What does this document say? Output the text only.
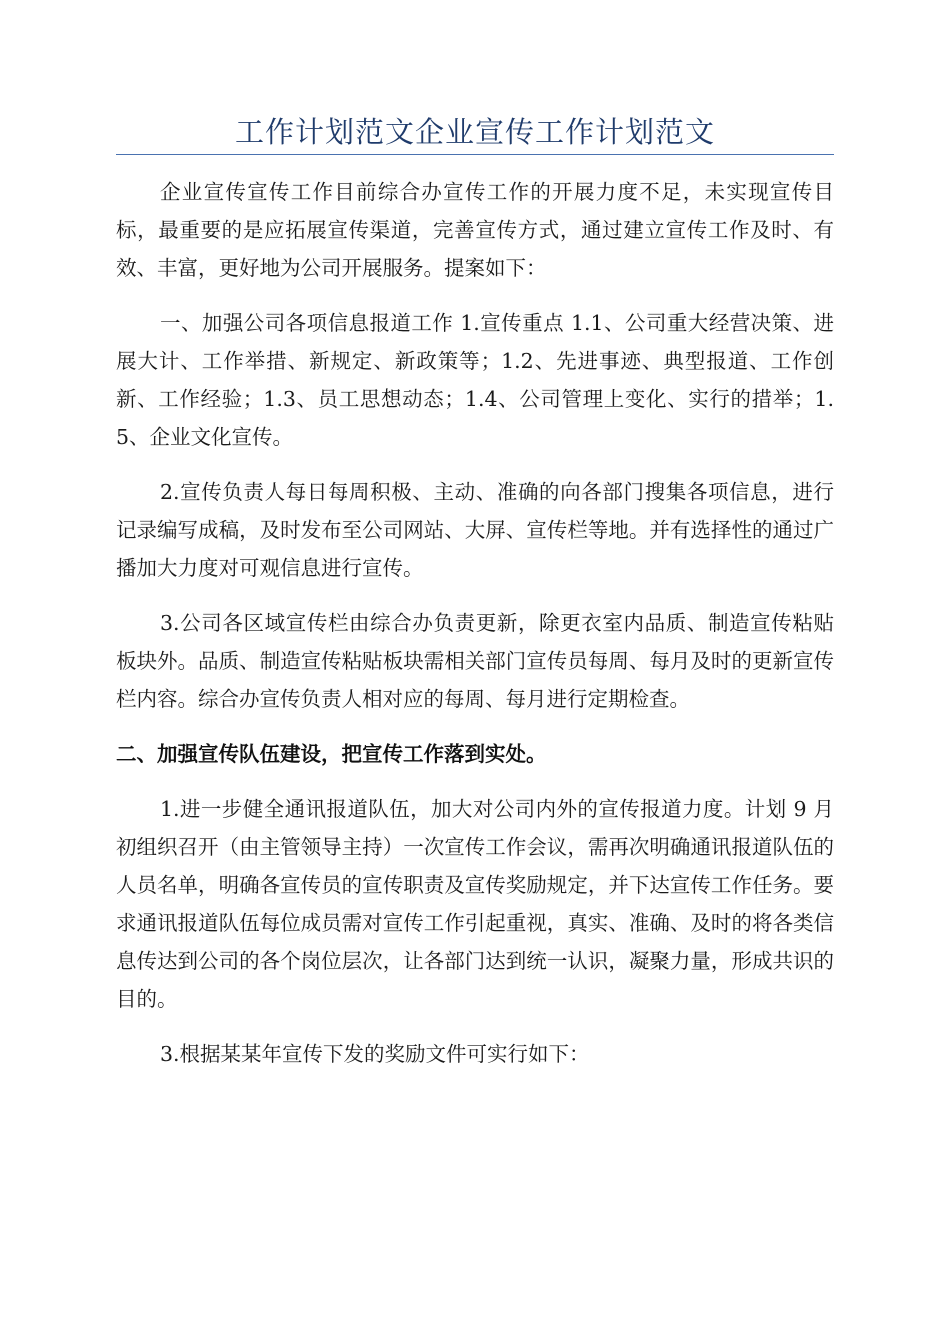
工作计划范文企业宣传工作计划范文

企业宣传宣传工作目前综合办宣传工作的开展力度不足，未实现宣传目标，最重要的是应拓展宣传渠道，完善宣传方式，通过建立宣传工作及时、有效、丰富，更好地为公司开展服务。提案如下：

一、加强公司各项信息报道工作 1.宣传重点 1.1、公司重大经营决策、进展大计、工作举措、新规定、新政策等；1.2、先进事迹、典型报道、工作创新、工作经验；1.3、员工思想动态；1.4、公司管理上变化、实行的措举；1.5、企业文化宣传。

2.宣传负责人每日每周积极、主动、准确的向各部门搜集各项信息，进行记录编写成稿，及时发布至公司网站、大屏、宣传栏等地。并有选择性的通过广播加大力度对可观信息进行宣传。

3.公司各区域宣传栏由综合办负责更新，除更衣室内品质、制造宣传粘贴板块外。品质、制造宣传粘贴板块需相关部门宣传员每周、每月及时的更新宣传栏内容。综合办宣传负责人相对应的每周、每月进行定期检查。

二、加强宣传队伍建设，把宣传工作落到实处。

1.进一步健全通讯报道队伍，加大对公司内外的宣传报道力度。计划 9 月初组织召开（由主管领导主持）一次宣传工作会议，需再次明确通讯报道队伍的人员名单，明确各宣传员的宣传职责及宣传奖励规定，并下达宣传工作任务。要求通讯报道队伍每位成员需对宣传工作引起重视，真实、准确、及时的将各类信息传达到公司的各个岗位层次，让各部门达到统一认识，凝聚力量，形成共识的目的。

3.根据某某年宣传下发的奖励文件可实行如下：
